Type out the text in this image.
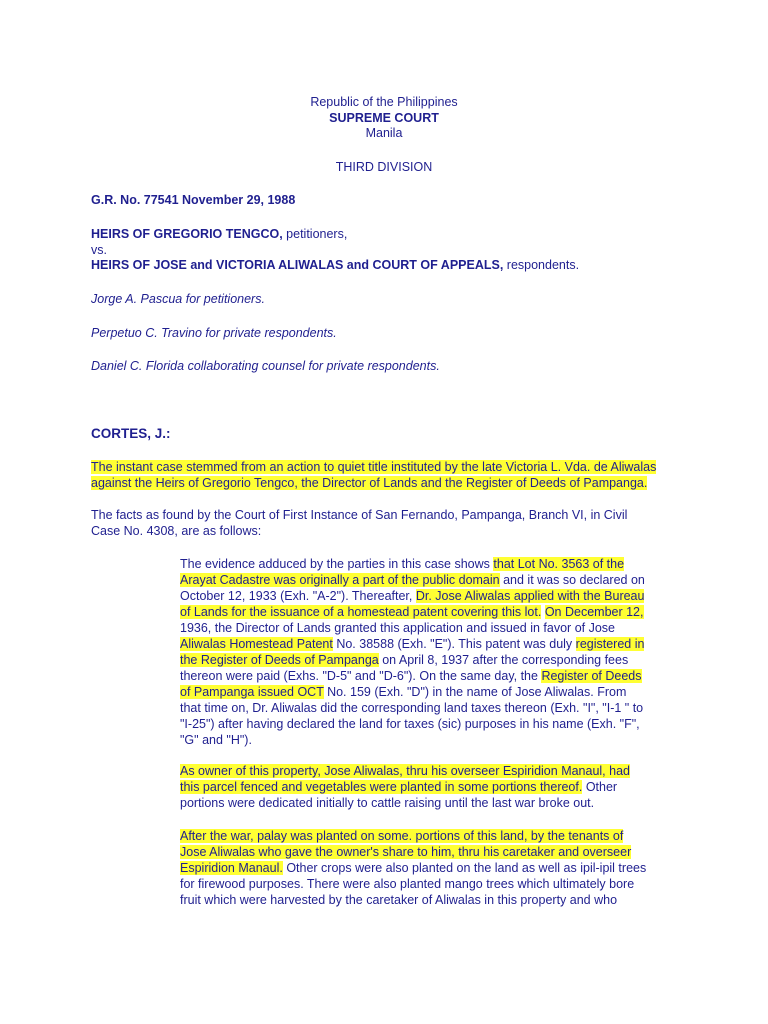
Republic of the Philippines
SUPREME COURT
Manila
THIRD DIVISION
G.R. No. 77541 November 29, 1988
HEIRS OF GREGORIO TENGCO, petitioners,
vs.
HEIRS OF JOSE and VICTORIA ALIWALAS and COURT OF APPEALS, respondents.
Jorge A. Pascua for petitioners.
Perpetuo C. Travino for private respondents.
Daniel C. Florida collaborating counsel for private respondents.
CORTES, J.:
The instant case stemmed from an action to quiet title instituted by the late Victoria L. Vda. de Aliwalas
against the Heirs of Gregorio Tengco, the Director of Lands and the Register of Deeds of Pampanga.
The facts as found by the Court of First Instance of San Fernando, Pampanga, Branch VI, in Civil
Case No. 4308, are as follows:
The evidence adduced by the parties in this case shows that Lot No. 3563 of the
Arayat Cadastre was originally a part of the public domain and it was so declared on
October 12, 1933 (Exh. "A-2"). Thereafter, Dr. Jose Aliwalas applied with the Bureau
of Lands for the issuance of a homestead patent covering this lot. On December 12,
1936, the Director of Lands granted this application and issued in favor of Jose
Aliwalas Homestead Patent No. 38588 (Exh. "E"). This patent was duly registered in
the Register of Deeds of Pampanga on April 8, 1937 after the corresponding fees
thereon were paid (Exhs. "D-5" and "D-6"). On the same day, the Register of Deeds
of Pampanga issued OCT No. 159 (Exh. "D") in the name of Jose Aliwalas. From
that time on, Dr. Aliwalas did the corresponding land taxes thereon (Exh. "I", "I-1 " to
"I-25") after having declared the land for taxes (sic) purposes in his name (Exh. "F",
"G" and "H").
As owner of this property, Jose Aliwalas, thru his overseer Espiridion Manaul, had
this parcel fenced and vegetables were planted in some portions thereof. Other
portions were dedicated initially to cattle raising until the last war broke out.
After the war, palay was planted on some. portions of this land, by the tenants of
Jose Aliwalas who gave the owner's share to him, thru his caretaker and overseer
Espiridion Manaul. Other crops were also planted on the land as well as ipil-ipil trees
for firewood purposes. There were also planted mango trees which ultimately bore
fruit which were harvested by the caretaker of Aliwalas in this property and who
